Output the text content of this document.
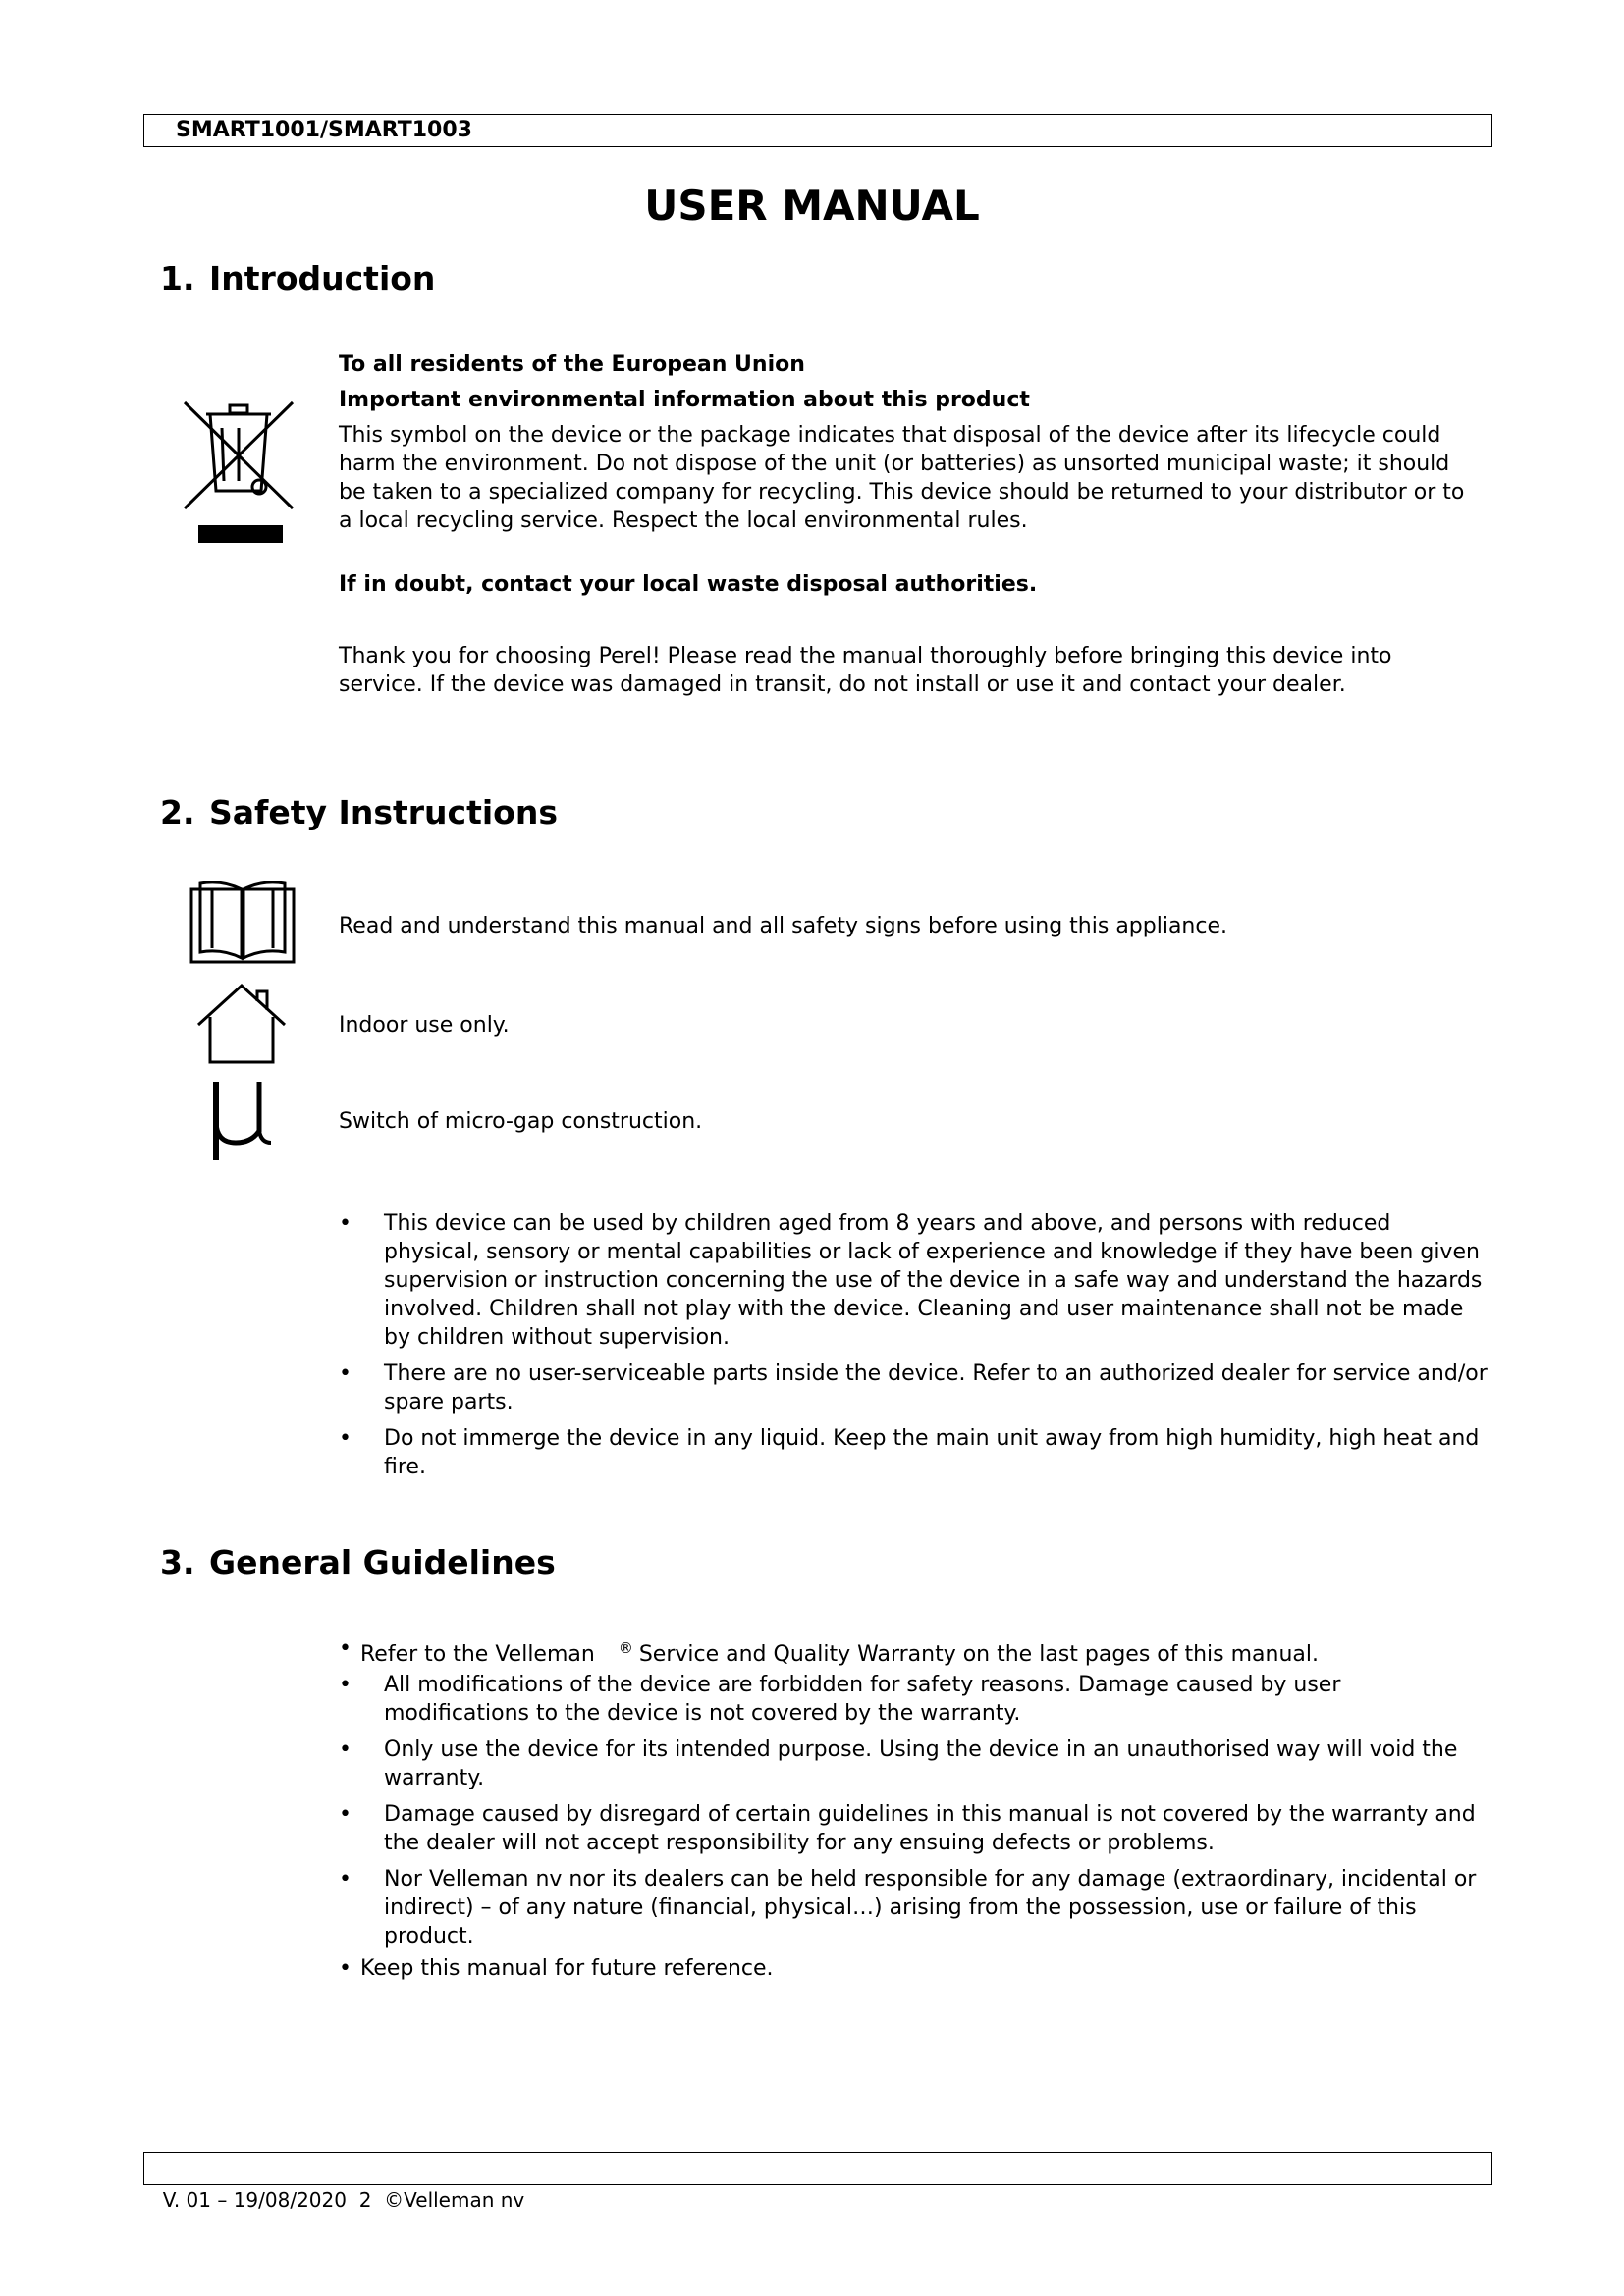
SMART1001/SMART1003
USER MANUAL
1. Introduction
To all residents of the European Union
Important environmental information about this product
This symbol on the device or the package indicates that disposal of the device after its lifecycle could harm the environment. Do not dispose of the unit (or batteries) as unsorted municipal waste; it should be taken to a specialized company for recycling. This device should be returned to your distributor or to a local recycling service. Respect the local environmental rules.
If in doubt, contact your local waste disposal authorities.
Thank you for choosing Perel! Please read the manual thoroughly before bringing this device into service. If the device was damaged in transit, do not install or use it and contact your dealer.
2. Safety Instructions
Read and understand this manual and all safety signs before using this appliance.
Indoor use only.
Switch of micro-gap construction.
• This device can be used by children aged from 8 years and above, and persons with reduced physical, sensory or mental capabilities or lack of experience and knowledge if they have been given supervision or instruction concerning the use of the device in a safe way and understand the hazards involved. Children shall not play with the device. Cleaning and user maintenance shall not be made by children without supervision.
• There are no user-serviceable parts inside the device. Refer to an authorized dealer for service and/or spare parts.
• Do not immerge the device in any liquid. Keep the main unit away from high humidity, high heat and fire.
3. General Guidelines
• Refer to the Velleman ® Service and Quality Warranty on the last pages of this manual.
• All modifications of the device are forbidden for safety reasons. Damage caused by user modifications to the device is not covered by the warranty.
• Only use the device for its intended purpose. Using the device in an unauthorised way will void the warranty.
• Damage caused by disregard of certain guidelines in this manual is not covered by the warranty and the dealer will not accept responsibility for any ensuing defects or problems.
• Nor Velleman nv nor its dealers can be held responsible for any damage (extraordinary, incidental or indirect) – of any nature (financial, physical…) arising from the possession, use or failure of this product.
• Keep this manual for future reference.

V. 01 – 19/08/2020  2  ©Velleman nv
